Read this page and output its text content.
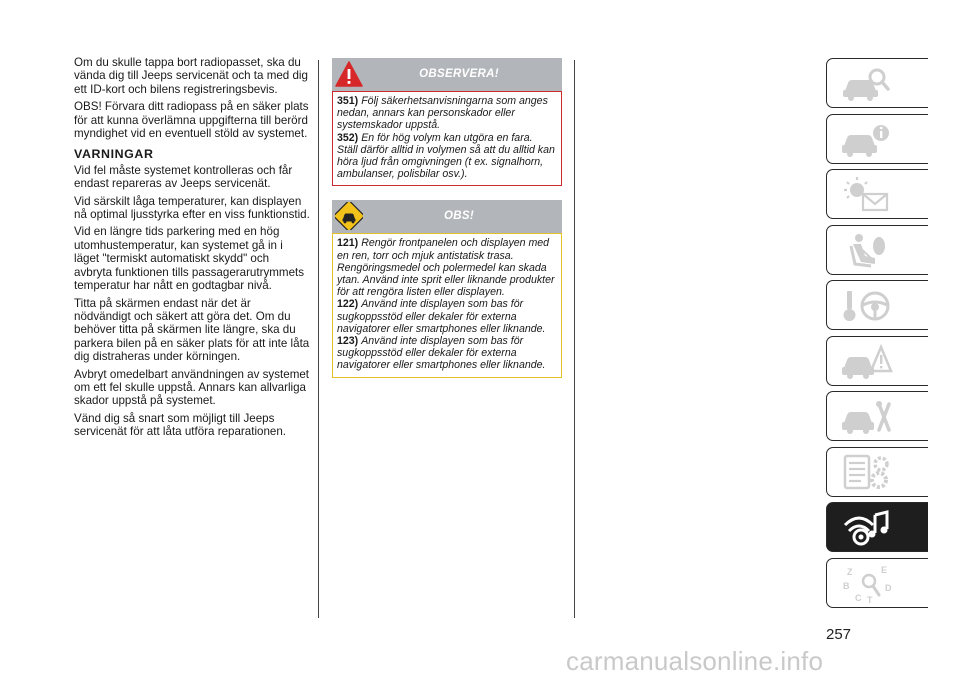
Om du skulle tappa bort radiopasset, ska du vända dig till Jeeps servicenät och ta med dig ett ID-kort och bilens registreringsbevis.

OBS! Förvara ditt radiopass på en säker plats för att kunna överlämna uppgifterna till berörd myndighet vid en eventuell stöld av systemet.

VARNINGAR

Vid fel måste systemet kontrolleras och får endast repareras av Jeeps servicenät.

Vid särskilt låga temperaturer, kan displayen nå optimal ljusstyrka efter en viss funktionstid.

Vid en längre tids parkering med en hög utomhustemperatur, kan systemet gå in i läget "termiskt automatiskt skydd" och avbryta funktionen tills passagerarutrymmets temperatur har nått en godtagbar nivå.

Titta på skärmen endast när det är nödvändigt och säkert att göra det. Om du behöver titta på skärmen lite längre, ska du parkera bilen på en säker plats för att inte låta dig distraheras under körningen.

Avbryt omedelbart användningen av systemet om ett fel skulle uppstå. Annars kan allvarliga skador uppstå på systemet.

Vänd dig så snart som möjligt till Jeeps servicenät för att låta utföra reparationen.

OBSERVERA!

351) Följ säkerhetsanvisningarna som anges nedan, annars kan personskador eller systemskador uppstå.

352) En för hög volym kan utgöra en fara. Ställ därför alltid in volymen så att du alltid kan höra ljud från omgivningen (t ex. signalhorn, ambulanser, polisbilar osv.).

OBS!

121) Rengör frontpanelen och displayen med en ren, torr och mjuk antistatisk trasa. Rengöringsmedel och polermedel kan skada ytan. Använd inte sprit eller liknande produkter för att rengöra listen eller displayen.

122) Använd inte displayen som bas för sugkoppsstöd eller dekaler för externa navigatorer eller smartphones eller liknande.

123) Använd inte displayen som bas för sugkoppsstöd eller dekaler för externa navigatorer eller smartphones eller liknande.

Z	E
B	D
C T
257
carmanualsonline.info
